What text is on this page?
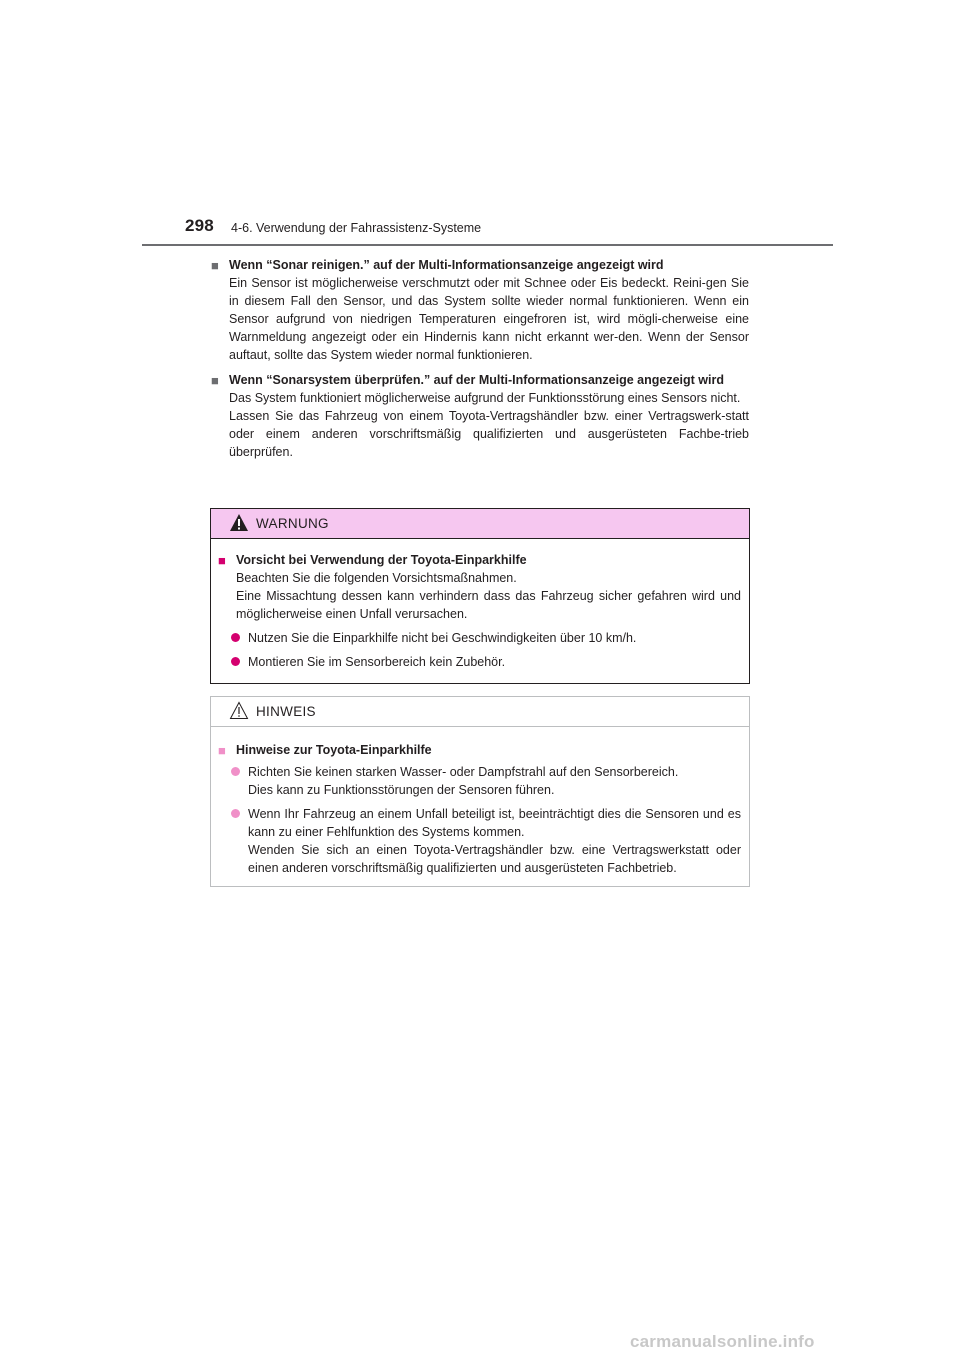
298 4-6. Verwendung der Fahrassistenz-Systeme
■ Wenn “Sonar reinigen.” auf der Multi-Informationsanzeige angezeigt wird
Ein Sensor ist möglicherweise verschmutzt oder mit Schnee oder Eis bedeckt. Reini-gen Sie in diesem Fall den Sensor, und das System sollte wieder normal funktionieren. Wenn ein Sensor aufgrund von niedrigen Temperaturen eingefroren ist, wird mögli-cherweise eine Warnmeldung angezeigt oder ein Hindernis kann nicht erkannt wer-den. Wenn der Sensor auftaut, sollte das System wieder normal funktionieren.
■ Wenn “Sonarsystem überprüfen.” auf der Multi-Informationsanzeige angezeigt wird
Das System funktioniert möglicherweise aufgrund der Funktionsstörung eines Sensors nicht.
Lassen Sie das Fahrzeug von einem Toyota-Vertragshändler bzw. einer Vertragswerk-statt oder einem anderen vorschriftsmäßig qualifizierten und ausgerüsteten Fachbe-trieb überprüfen.
WARNUNG
■ Vorsicht bei Verwendung der Toyota-Einparkhilfe
Beachten Sie die folgenden Vorsichtsmaßnahmen.
Eine Missachtung dessen kann verhindern dass das Fahrzeug sicher gefahren wird und möglicherweise einen Unfall verursachen.
Nutzen Sie die Einparkhilfe nicht bei Geschwindigkeiten über 10 km/h.
Montieren Sie im Sensorbereich kein Zubehör.
HINWEIS
■ Hinweise zur Toyota-Einparkhilfe
Richten Sie keinen starken Wasser- oder Dampfstrahl auf den Sensorbereich.
Dies kann zu Funktionsstörungen der Sensoren führen.
Wenn Ihr Fahrzeug an einem Unfall beteiligt ist, beeinträchtigt dies die Sensoren und es kann zu einer Fehlfunktion des Systems kommen.
Wenden Sie sich an einen Toyota-Vertragshändler bzw. eine Vertragswerkstatt oder einen anderen vorschriftsmäßig qualifizierten und ausgerüsteten Fachbetrieb.
carmanualsonline.info
